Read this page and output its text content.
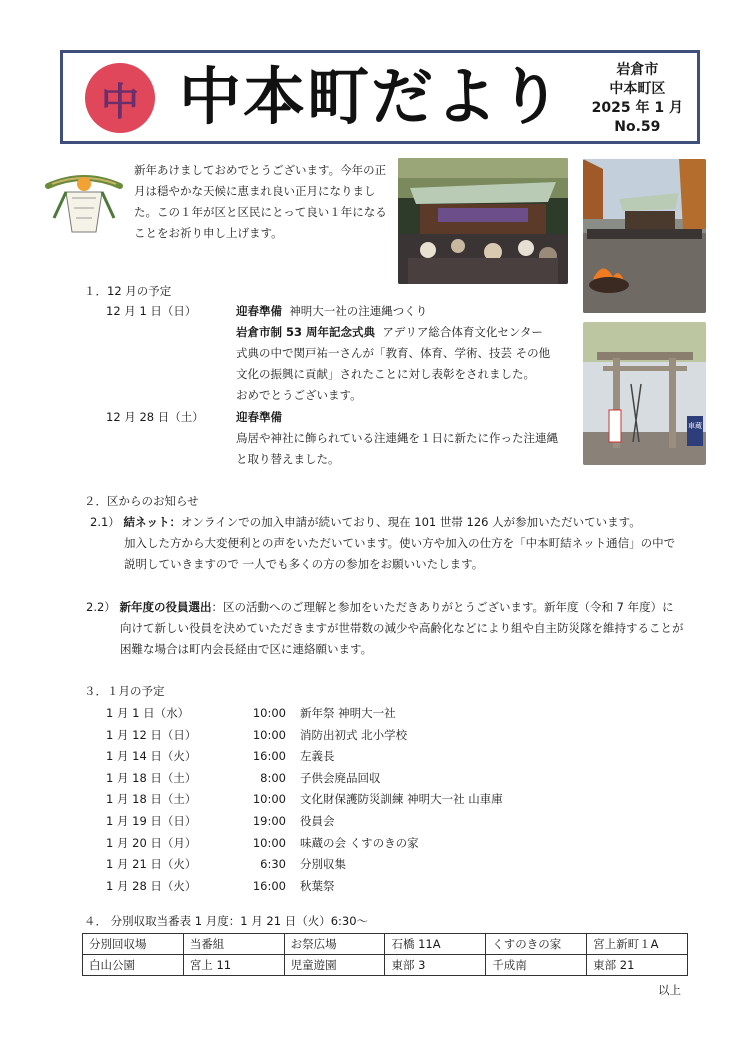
中 中本町だより	岩倉市
中本町区
2025 年 1 月
No.59
新年あけましておめでとうございます。今年の正月は穏やかな天候に恵まれ良い正月になりました。この１年が区と区民にとって良い１年になることをお祈り申し上げます。
車蔵
１．12 月の予定
12 月 1 日（日）	迎春準備 神明大一社の注連縄つくり
岩倉市制 53 周年記念式典 アデリア総合体育文化センター
式典の中で関戸祐一さんが「教育、体育、学術、技芸 その他
文化の振興に貢献」されたことに対し表彰をされました。
おめでとうございます。
12 月 28 日（土）	迎春準備
鳥居や神社に飾られている注連縄を１日に新たに作った注連縄
と取り替えました。
２．区からのお知らせ
2.1） 結ネット：オンラインでの加入申請が続いており、現在 101 世帯 126 人が参加いただいています。
加入した方から大変便利との声をいただいています。使い方や加入の仕方を「中本町結ネット通信」の中で
説明していきますので 一人でも多くの方の参加をお願いいたします。
2.2） 新年度の役員選出：区の活動へのご理解と参加をいただきありがとうございます。新年度（令和 7 年度）に
向けて新しい役員を決めていただきますが世帯数の減少や高齢化などにより組や自主防災隊を維持することが
困難な場合は町内会長経由で区に連絡願います。
３．１月の予定
1 月 1 日（水）	10:00 新年祭 神明大一社
1 月 12 日（日）	10:00 消防出初式 北小学校
1 月 14 日（火）	16:00 左義長
1 月 18 日（土）	8:00 子供会廃品回収
1 月 18 日（土）	10:00 文化財保護防災訓練 神明大一社 山車庫
1 月 19 日（日）	19:00 役員会
1 月 20 日（月）	10:00 味蔵の会 くすのきの家
1 月 21 日（火）	6:30 分別収集
1 月 28 日（火）	16:00 秋葉祭
４． 分別収取当番表 1 月度：1 月 21 日（火）6:30～
分別回収場	当番組	お祭広場	石橋 11A	くすのきの家	宮上新町１A
白山公園	宮上 11	児童遊園	東部 3	千成南	東部 21
以上
